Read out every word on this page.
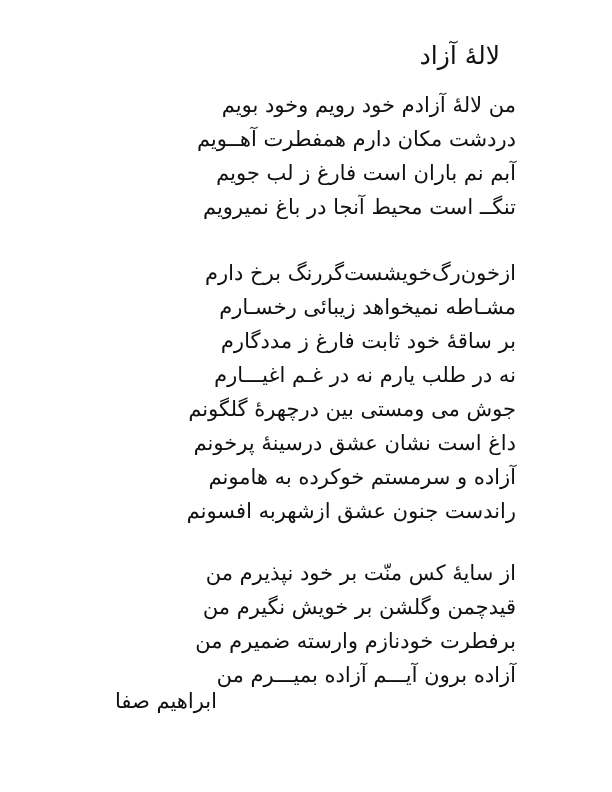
لالۀ آزاد
من لالۀ آزادم خود رویم وخود بویم
دردشت مکان دارم همفطرت آهــویم
آبم نم باران است فارغ ز لب جویم
تنگــ است محیط آنجا در باغ نمیرویم
ازخون‌رگ‌خویشست‌گررنگ برخ دارم
مشـاطه نمیخواهد زیبائی رخسـارم
بر ساقۀ خود ثابت فارغ ز مددگارم
نه در طلب یارم نه در غـم اغیـــارم
جوش می ومستی بین درچهرۀ گلگونم
داغ است نشان عشق درسینۀ پرخونم
آزاده و سرمستم خوکرده به هامونم
راندست جنون عشق ازشهربه افسونم
از سایۀ کس منّت بر خود نپذیرم من
قیدچمن وگلشن بر خویش نگیرم من
برفطرت خودنازم وارسته ضمیرم من
آزاده برون آیـــم آزاده بمیـــرم من

ابراهیم صفا
